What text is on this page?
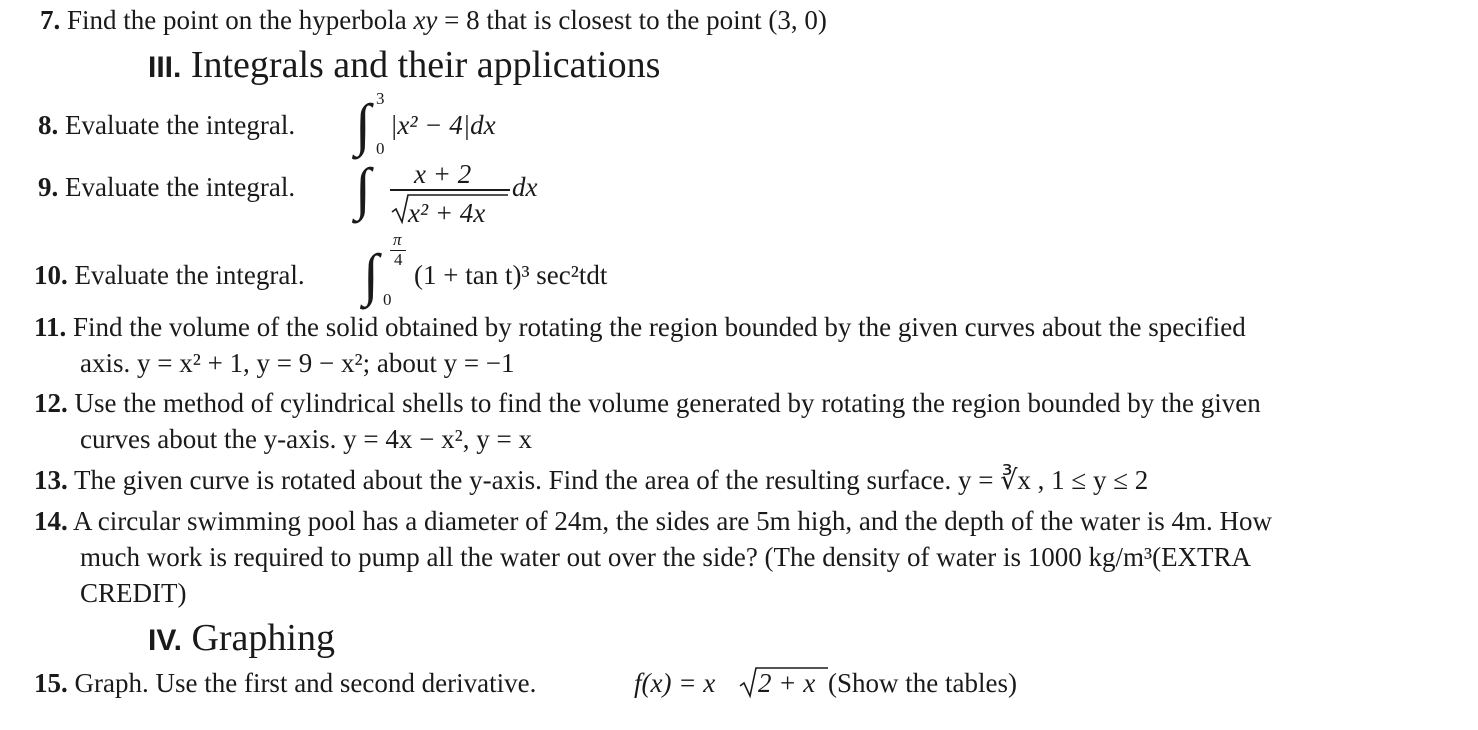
7. Find the point on the hyperbola xy = 8 that is closest to the point (3, 0)
III. Integrals and their applications
8. Evaluate the integral. ∫ 3
0
|x² − 4|dx
9. Evaluate the integral. ∫ x + 2
x² + 4x
dx
10. Evaluate the integral. ∫
π
4
0
(1 + tan t)³ sec²tdt
11. Find the volume of the solid obtained by rotating the region bounded by the given curves about the specified
axis. y = x² + 1, y = 9 − x²; about y = −1
12. Use the method of cylindrical shells to find the volume generated by rotating the region bounded by the given
curves about the y-axis. y = 4x − x², y = x
13. The given curve is rotated about the y-axis. Find the area of the resulting surface. y = ∛x , 1 ≤ y ≤ 2
14. A circular swimming pool has a diameter of 24m, the sides are 5m high, and the depth of the water is 4m. How
much work is required to pump all the water out over the side? (The density of water is 1000 kg/m³(EXTRA
CREDIT)
IV. Graphing
15. Graph. Use the first and second derivative.	f(x) = x 2 + x (Show the tables)
